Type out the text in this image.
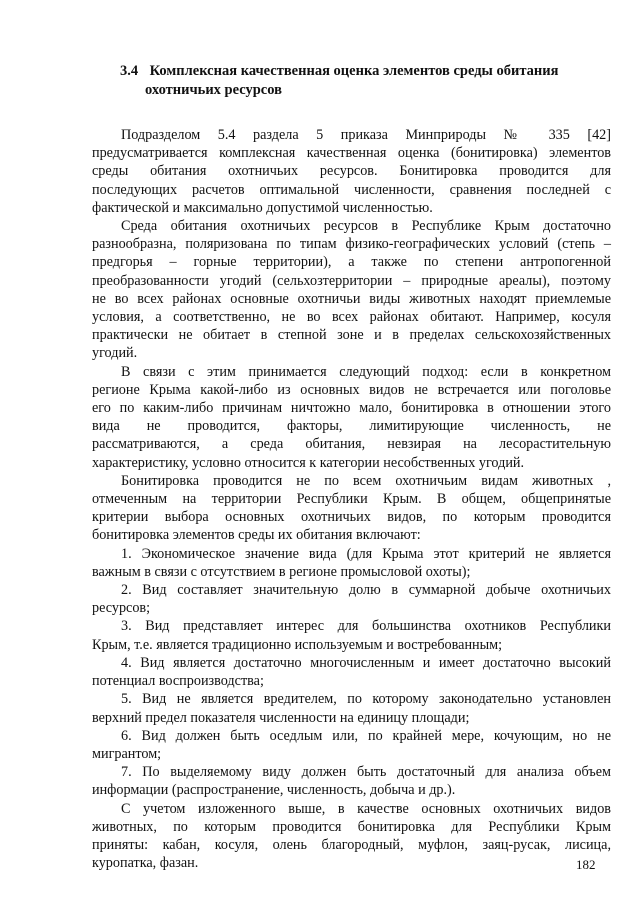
3.4 Комплексная качественная оценка элементов среды обитания
охотничьих ресурсов
Подразделом 5.4 раздела 5 приказа Минприроды № 335 [42]
предусматривается комплексная качественная оценка (бонитировка) элементов
среды обитания охотничьих ресурсов. Бонитировка проводится для
последующих расчетов оптимальной численности, сравнения последней с
фактической и максимально допустимой численностью.
Среда обитания охотничьих ресурсов в Республике Крым достаточно
разнообразна, поляризована по типам физико-географических условий (степь –
предгорья – горные территории), а также по степени антропогенной
преобразованности угодий (сельхозтерритории – природные ареалы), поэтому
не во всех районах основные охотничьи виды животных находят приемлемые
условия, а соответственно, не во всех районах обитают. Например, косуля
практически не обитает в степной зоне и в пределах сельскохозяйственных
угодий.
В связи с этим принимается следующий подход: если в конкретном
регионе Крыма какой-либо из основных видов не встречается или поголовье
его по каким-либо причинам ничтожно мало, бонитировка в отношении этого
вида не проводится, факторы, лимитирующие численность, не
рассматриваются, а среда обитания, невзирая на лесорастительную
характеристику, условно относится к категории несобственных угодий.
Бонитировка проводится не по всем охотничьим видам животных ,
отмеченным на территории Республики Крым. В общем, общепринятые
критерии выбора основных охотничьих видов, по которым проводится
бонитировка элементов среды их обитания включают:
1. Экономическое значение вида (для Крыма этот критерий не является
важным в связи с отсутствием в регионе промысловой охоты);
2. Вид составляет значительную долю в суммарной добыче охотничьих
ресурсов;
3. Вид представляет интерес для большинства охотников Республики
Крым, т.е. является традиционно используемым и востребованным;
4. Вид является достаточно многочисленным и имеет достаточно высокий
потенциал воспроизводства;
5. Вид не является вредителем, по которому законодательно установлен
верхний предел показателя численности на единицу площади;
6. Вид должен быть оседлым или, по крайней мере, кочующим, но не
мигрантом;
7. По выделяемому виду должен быть достаточный для анализа объем
информации (распространение, численность, добыча и др.).
С учетом изложенного выше, в качестве основных охотничьих видов
животных, по которым проводится бонитировка для Республики Крым
приняты: кабан, косуля, олень благородный, муфлон, заяц-русак, лисица,
куропатка, фазан.	182
